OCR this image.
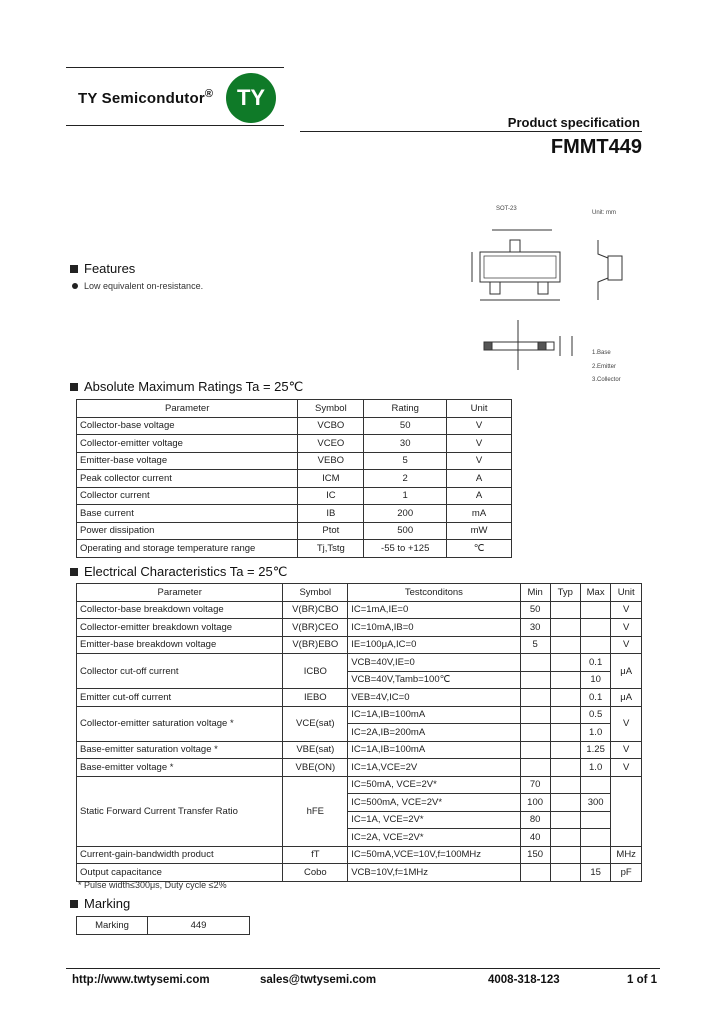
TY Semicondutor® TY
Product specification
FMMT449
SOT-23
Unit: mm
1.Base
2.Emitter
3.Collector
Features
Low equivalent on-resistance.
Absolute Maximum Ratings Ta = 25℃
Parameter	Symbol	Rating	Unit
Collector-base voltage	VCBO	50	V
Collector-emitter voltage	VCEO	30	V
Emitter-base voltage	VEBO	5	V
Peak collector current	ICM	2	A
Collector current	IC	1	A
Base current	IB	200	mA
Power dissipation	Ptot	500	mW
Operating and storage temperature range	Tj,Tstg	-55 to +125	℃
Electrical Characteristics Ta = 25℃
Parameter	Symbol	Testconditons	Min	Typ	Max	Unit
Collector-base breakdown voltage	V(BR)CBO	IC=1mA,IE=0	50			V
Collector-emitter breakdown voltage	V(BR)CEO	IC=10mA,IB=0	30			V
Emitter-base breakdown voltage	V(BR)EBO	IE=100μA,IC=0	5			V
Collector cut-off current	ICBO	VCB=40V,IE=0			0.1	μA
		VCB=40V,Tamb=100℃			10	
Emitter cut-off current	IEBO	VEB=4V,IC=0			0.1	μA
Collector-emitter saturation voltage *	VCE(sat)	IC=1A,IB=100mA			0.5	V
		IC=2A,IB=200mA			1.0	
Base-emitter saturation voltage *	VBE(sat)	IC=1A,IB=100mA			1.25	V
Base-emitter voltage *	VBE(ON)	IC=1A,VCE=2V			1.0	V
Static Forward Current Transfer Ratio	hFE	IC=50mA, VCE=2V*	70			
		IC=500mA, VCE=2V*	100		300	
		IC=1A, VCE=2V*	80			
		IC=2A, VCE=2V*	40			
Current-gain-bandwidth product	fT	IC=50mA,VCE=10V,f=100MHz	150			MHz
Output capacitance	Cobo	VCB=10V,f=1MHz			15	pF
* Pulse width≤300μs, Duty cycle ≤2%
Marking
Marking	449
http://www.twtysemi.com	sales@twtysemi.com	4008-318-123	1 of 1
